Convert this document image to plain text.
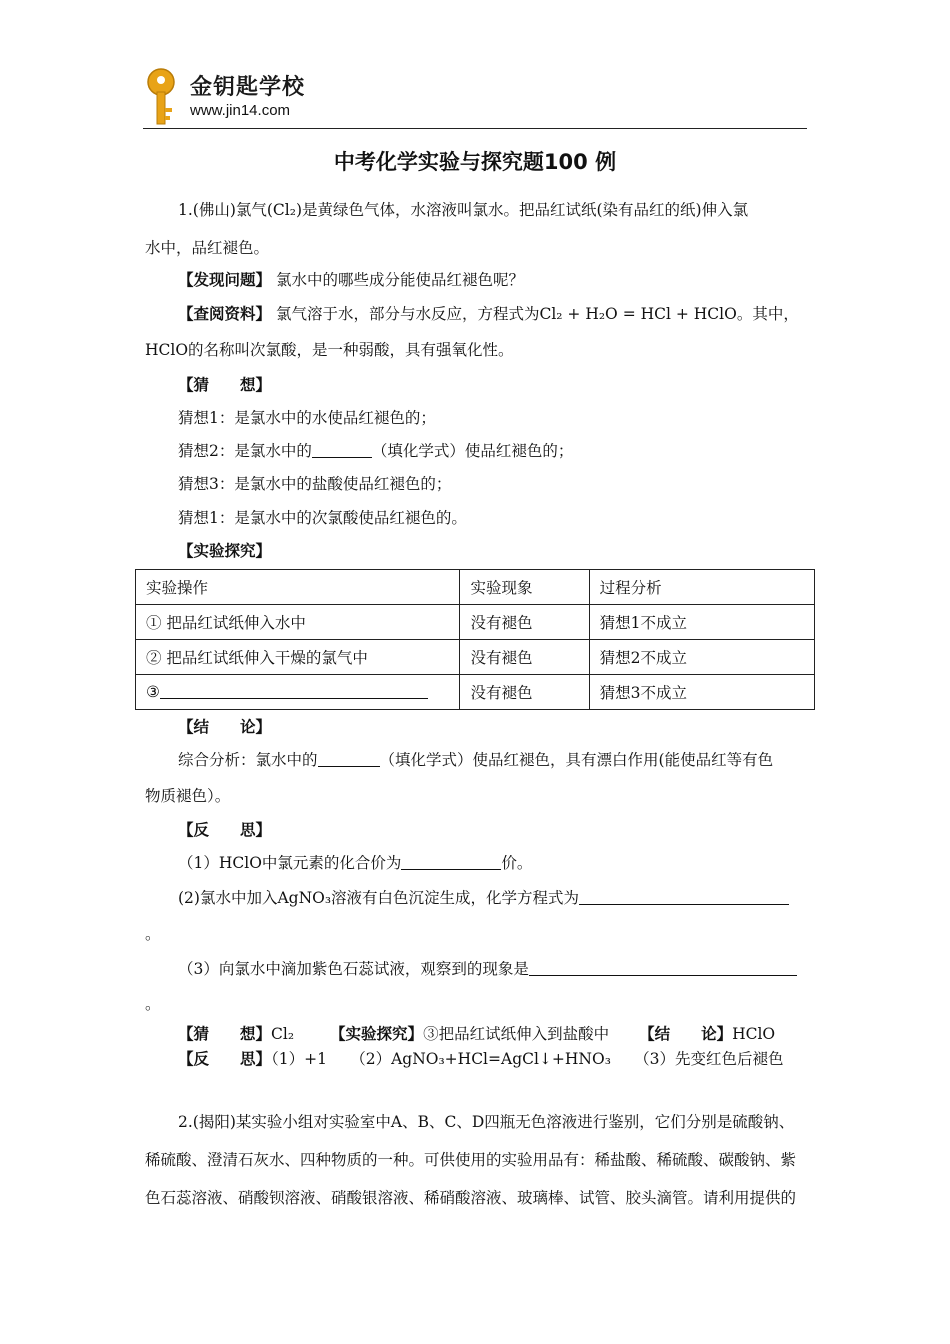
金钥匙学校
www.jin14.com
中考化学实验与探究题100 例
1.(佛山)氯气(Cl₂)是黄绿色气体，水溶液叫氯水。把品红试纸(染有品红的纸)伸入氯
水中，品红褪色。
【发现问题】 氯水中的哪些成分能使品红褪色呢？
【查阅资料】 氯气溶于水，部分与水反应，方程式为Cl₂ + H₂O = HCl + HClO。其中，
HClO的名称叫次氯酸，是一种弱酸，具有强氧化性。
【猜　　想】
猜想1：是氯水中的水使品红褪色的；
猜想2：是氯水中的	（填化学式）使品红褪色的；
猜想3：是氯水中的盐酸使品红褪色的；
猜想1：是氯水中的次氯酸使品红褪色的。
【实验探究】
实验操作	实验现象	过程分析
① 把品红试纸伸入水中	没有褪色	猜想1不成立
② 把品红试纸伸入干燥的氯气中	没有褪色	猜想2不成立
③	没有褪色	猜想3不成立
【结　　论】
综合分析：氯水中的	（填化学式）使品红褪色，具有漂白作用(能使品红等有色
物质褪色）。
【反　　思】
（1）HClO中氯元素的化合价为	价。
(2)氯水中加入AgNO₃溶液有白色沉淀生成，化学方程式为
。
（3）向氯水中滴加紫色石蕊试液，观察到的现象是
。
【猜　　想】Cl₂ 【实验探究】③把品红试纸伸入到盐酸中 【结　　论】HClO
【反　　思】（1）+1　　（2）AgNO₃+HCl=AgCl↓+HNO₃　　（3）先变红色后褪色
2.(揭阳)某实验小组对实验室中A、B、C、D四瓶无色溶液进行鉴别，它们分别是硫酸钠、
稀硫酸、澄清石灰水、四种物质的一种。可供使用的实验用品有：稀盐酸、稀硫酸、碳酸钠、紫
色石蕊溶液、硝酸钡溶液、硝酸银溶液、稀硝酸溶液、玻璃棒、试管、胶头滴管。请利用提供的
